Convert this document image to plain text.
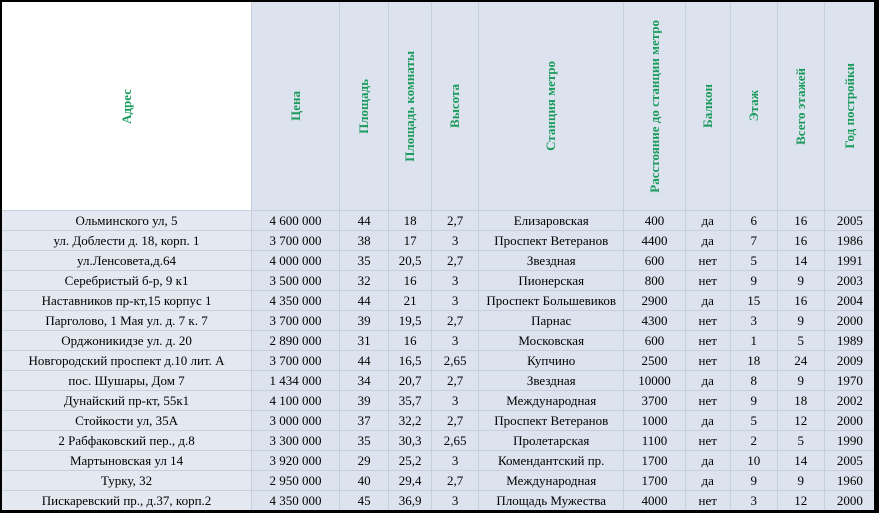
Адрес	Цена	Площадь	Площадь комнаты	Высота	Станция метро	Расстояние до станции метро	Балкон	Этаж	Всего этажей	Год постройки

Ольминского ул, 5	4 600 000	44	18	2,7	Елизаровская	400	да	6	16	2005
ул. Доблести д. 18, корп. 1	3 700 000	38	17	3	Проспект Ветеранов	4400	да	7	16	1986
ул.Ленсовета,д.64	4 000 000	35	20,5	2,7	Звездная	600	нет	5	14	1991
Серебристый б-р, 9 к1	3 500 000	32	16	3	Пионерская	800	нет	9	9	2003
Наставников пр-кт,15 корпус 1	4 350 000	44	21	3	Проспект Большевиков	2900	да	15	16	2004
Парголово, 1 Мая ул. д. 7 к. 7	3 700 000	39	19,5	2,7	Парнас	4300	нет	3	9	2000
Орджоникидзе ул. д. 20	2 890 000	31	16	3	Московская	600	нет	1	5	1989
Новгородский проспект д.10 лит. А	3 700 000	44	16,5	2,65	Купчино	2500	нет	18	24	2009
пос. Шушары, Дом 7	1 434 000	34	20,7	2,7	Звездная	10000	да	8	9	1970
Дунайский пр-кт, 55к1	4 100 000	39	35,7	3	Международная	3700	нет	9	18	2002
Стойкости ул, 35А	3 000 000	37	32,2	2,7	Проспект Ветеранов	1000	да	5	12	2000
2 Рабфаковский пер., д.8	3 300 000	35	30,3	2,65	Пролетарская	1100	нет	2	5	1990
Мартыновская ул 14	3 920 000	29	25,2	3	Комендантский пр.	1700	да	10	14	2005
Турку, 32	2 950 000	40	29,4	2,7	Международная	1700	да	9	9	1960
Пискаревский пр., д.37, корп.2	4 350 000	45	36,9	3	Площадь Мужества	4000	нет	3	12	2000
